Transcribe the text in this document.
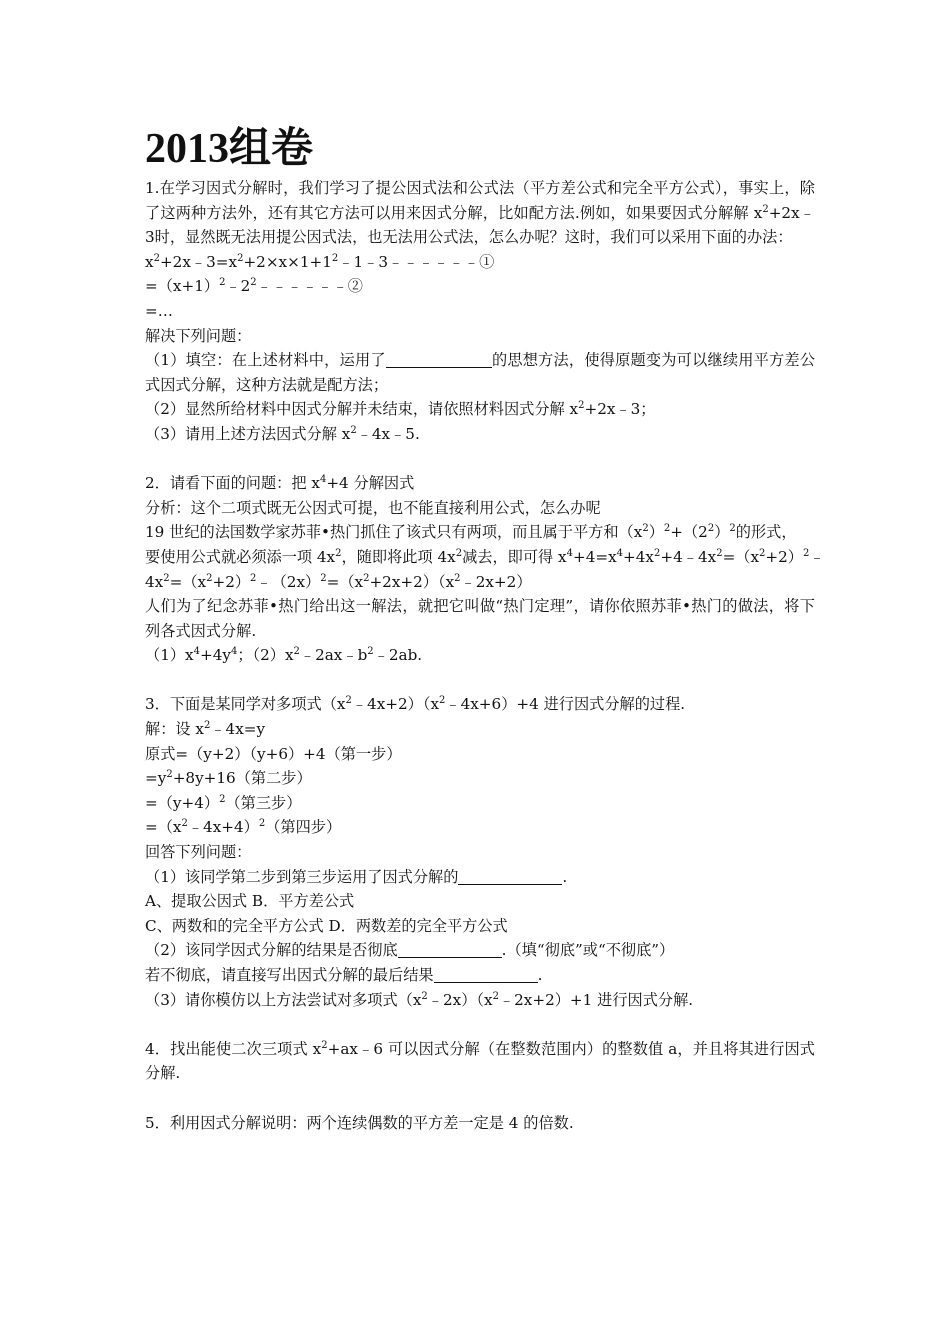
2013组卷
1.在学习因式分解时，我们学习了提公因式法和公式法（平方差公式和完全平方公式），事实上，除了这两种方法外，还有其它方法可以用来因式分解，比如配方法.例如，如果要因式分解解 $x^2+2x﹣3$时，显然既无法用提公因式法，也无法用公式法，怎么办呢？这时，我们可以采用下面的办法：
$x^2+2x﹣3=x^2+2\times x\times 1+1^2﹣1﹣3﹣﹣﹣﹣﹣﹣①$
$=(x+1)^2﹣2^2﹣﹣﹣﹣﹣﹣②$
=…
解决下列问题：
（1）填空：在上述材料中，运用了	的思想方法，使得原题变为可以继续用平方差公式因式分解，这种方法就是配方法；
（2）显然所给材料中因式分解并未结束，请依照材料因式分解 $x^2+2x﹣3$；
（3）请用上述方法因式分解 $x^2﹣4x﹣5$.
2．请看下面的问题：把 $x^4+4$ 分解因式
分析：这个二项式既无公因式可提，也不能直接利用公式，怎么办呢
19 世纪的法国数学家苏菲•热门抓住了该式只有两项，而且属于平方和$(x^2)^2+(2^2)^2$的形式，
要使用公式就必须添一项 $4x^2$，随即将此项 $4x^2$减去，即可得 $x^4+4=x^4+4x^2+4﹣4x^2=(x^2+2)^2﹣$
$4x^2=(x^2+2)^2﹣(2x)^2=(x^2+2x+2)(x^2﹣2x+2)$
人们为了纪念苏菲•热门给出这一解法，就把它叫做“热门定理”，请你依照苏菲•热门的做法，将下列各式因式分解.
$(1)x^4+4y^4$；$(2)x^2﹣2ax﹣b^2﹣2ab$.
3．下面是某同学对多项式$(x^2﹣4x+2)(x^2﹣4x+6)+4$ 进行因式分解的过程.
解：设 $x^2﹣4x=y$
原式=（y+2）（y+6）+4（第一步）
$=y^2+8y+16$（第二步）
$=(y+4)^2$（第三步）
$=(x^2﹣4x+4)^2$（第四步）
回答下列问题：
（1）该同学第二步到第三步运用了因式分解的	.
A、提取公因式 B．平方差公式
C、两数和的完全平方公式 D．两数差的完全平方公式
（2）该同学因式分解的结果是否彻底	.（填“彻底”或“不彻底”）
若不彻底，请直接写出因式分解的最后结果	.
（3）请你模仿以上方法尝试对多项式$(x^2﹣2x)(x^2﹣2x+2)+1$ 进行因式分解.
4．找出能使二次三项式 $x^2+ax﹣6$ 可以因式分解（在整数范围内）的整数值 a，并且将其进行因式分解.
5．利用因式分解说明：两个连续偶数的平方差一定是 4 的倍数.
